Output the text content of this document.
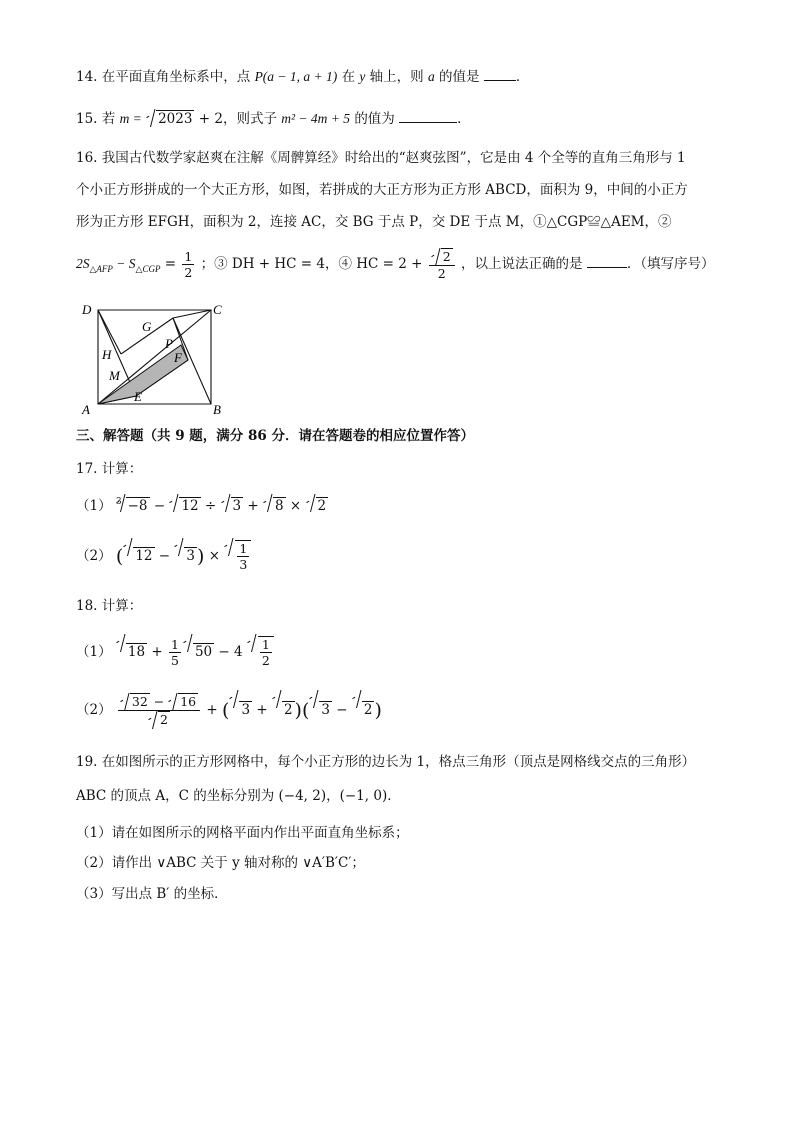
14. 在平面直角坐标系中，点 P(a − 1, a + 1) 在 y 轴上，则 a 的值是	．
15. 若 m = 2023 + 2，则式子 m² − 4m + 5 的值为	．
16. 我国古代数学家赵爽在注解《周髀算经》时给出的“赵爽弦图”，它是由 4 个全等的直角三角形与 1
个小正方形拼成的一个大正方形，如图，若拼成的大正方形为正方形 ABCD，面积为 9，中间的小正方
形为正方形 EFGH，面积为 2，连接 AC，交 BG 于点 P，交 DE 于点 M，①△CGP≌△AEM，②
$2S_{\triangle AFP} - S_{\triangle CGP} = \frac{1}{2}$ ；③ DH + HC = 4，④ HC = $2 + \frac{2}{2}$ ，以上说法正确的是	．（填写序号）
D	C
A	B
G
H
P
F
M
E
三、解答题（共 9 题，满分 86 分．请在答题卷的相应位置作答）
17. 计算：
（1） $^3$ −8 − 12 ÷ 3 + 8 × 2
（2） ( 12 − 3 ) × $\frac{1}{3}$
18. 计算：
（1） $18 + \frac{1}{5} 50 - 4 \frac{1}{2}$
$(2) \frac{32 - 16}{2}$ + ( 3 + 2 )( 3 − 2 )
19. 在如图所示的正方形网格中，每个小正方形的边长为 1，格点三角形（顶点是网格线交点的三角形）
ABC 的顶点 A，C 的坐标分别为 (−4, 2)，(−1, 0)．
（1）请在如图所示的网格平面内作出平面直角坐标系；
（2）请作出 ∨ABC 关于 y 轴对称的 ∨A′B′C′；
（3）写出点 B′ 的坐标．
